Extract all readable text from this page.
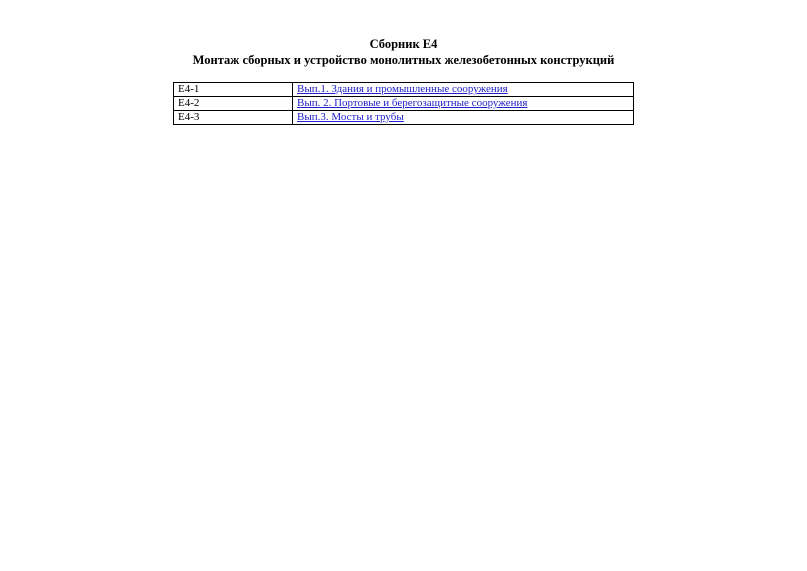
Сборник Е4
Монтаж сборных и устройство монолитных железобетонных конструкций
Е4-1	Вып.1. Здания и промышленные сооружения
Е4-2	Вып. 2. Портовые и берегозащитные сооружения
Е4-3	Вып.3. Мосты и трубы
